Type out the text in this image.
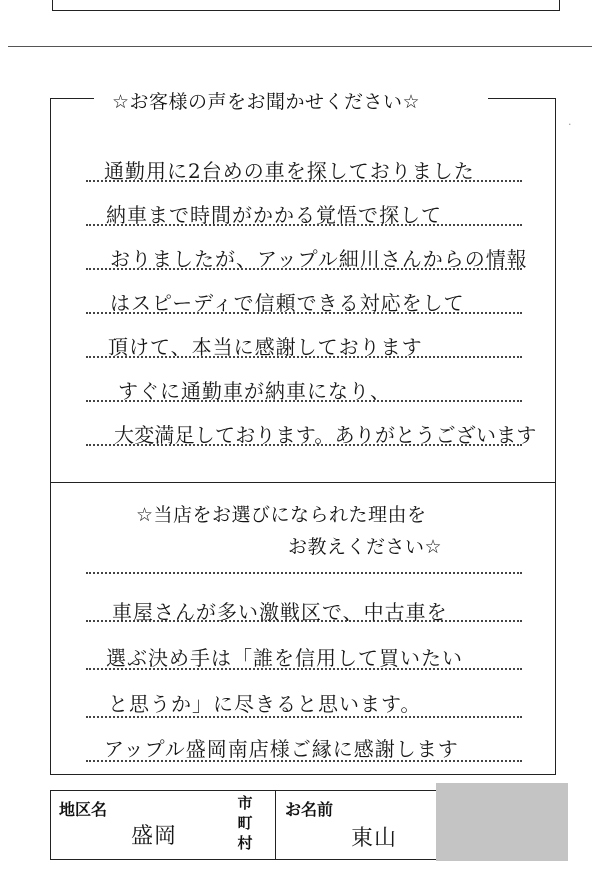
☆お客様の声をお聞かせください☆
·
通勤用に2台めの車を探しておりました
納車まで時間がかかる覚悟で探して
おりましたが、アップル細川さんからの情報
はスピーディで信頼できる対応をして
頂けて、本当に感謝しております
すぐに通勤車が納車になり、
大変満足しております。ありがとうございます
☆当店をお選びになられた理由を
お教えください☆
車屋さんが多い激戦区で、中古車を
選ぶ決め手は「誰を信用して買いたい
と思うか」に尽きると思います。
アップル盛岡南店様ご縁に感謝します
地区名
盛岡
市
町
村
お名前
東山
